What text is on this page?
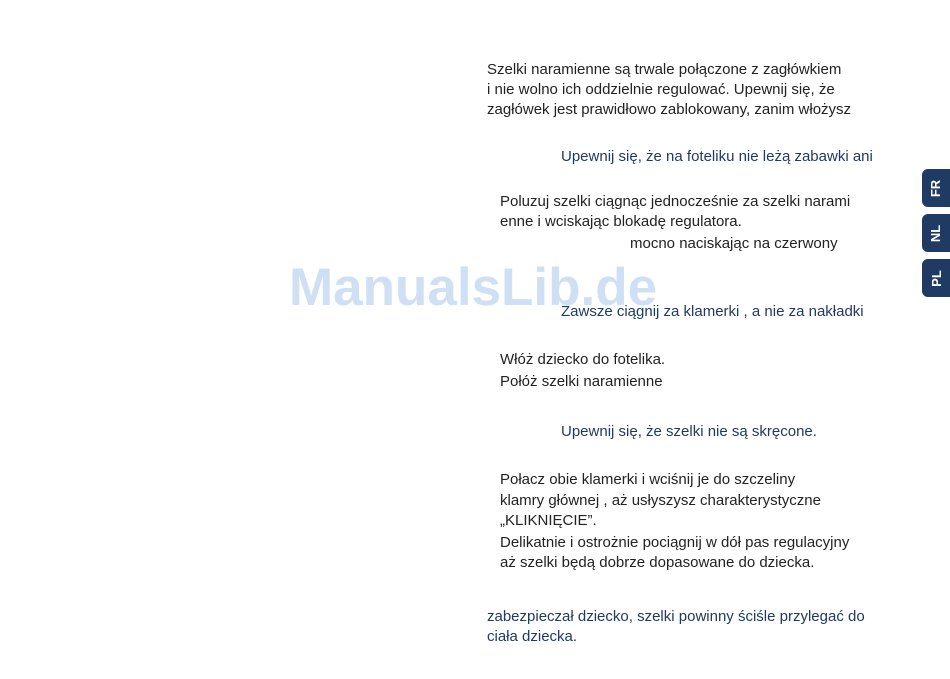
ManualsLib.de

Szelki naramienne są trwale połączone z zagłówkiem

i nie wolno ich oddzielnie regulować. Upewnij się, że

zagłówek jest prawidłowo zablokowany, zanim włożysz

Upewnij się, że na foteliku nie leżą zabawki ani

Poluzuj szelki ciągnąc jednocześnie za szelki narami

enne i wciskając blokadę regulatora.

mocno naciskając na czerwony

Zawsze ciągnij za klamerki , a nie za nakładki

Włóż dziecko do fotelika.

Połóż szelki naramienne

Upewnij się, że szelki nie są skręcone.

Połacz obie klamerki i wciśnij je do szczeliny

klamry głównej , aż usłyszysz charakterystyczne

„KLIKNIĘCIE”.

Delikatnie i ostrożnie pociągnij w dół pas regulacyjny

aż szelki będą dobrze dopasowane do dziecka.

zabezpieczał dziecko, szelki powinny ściśle przylegać do

ciała dziecka.

FR
NL
PL
